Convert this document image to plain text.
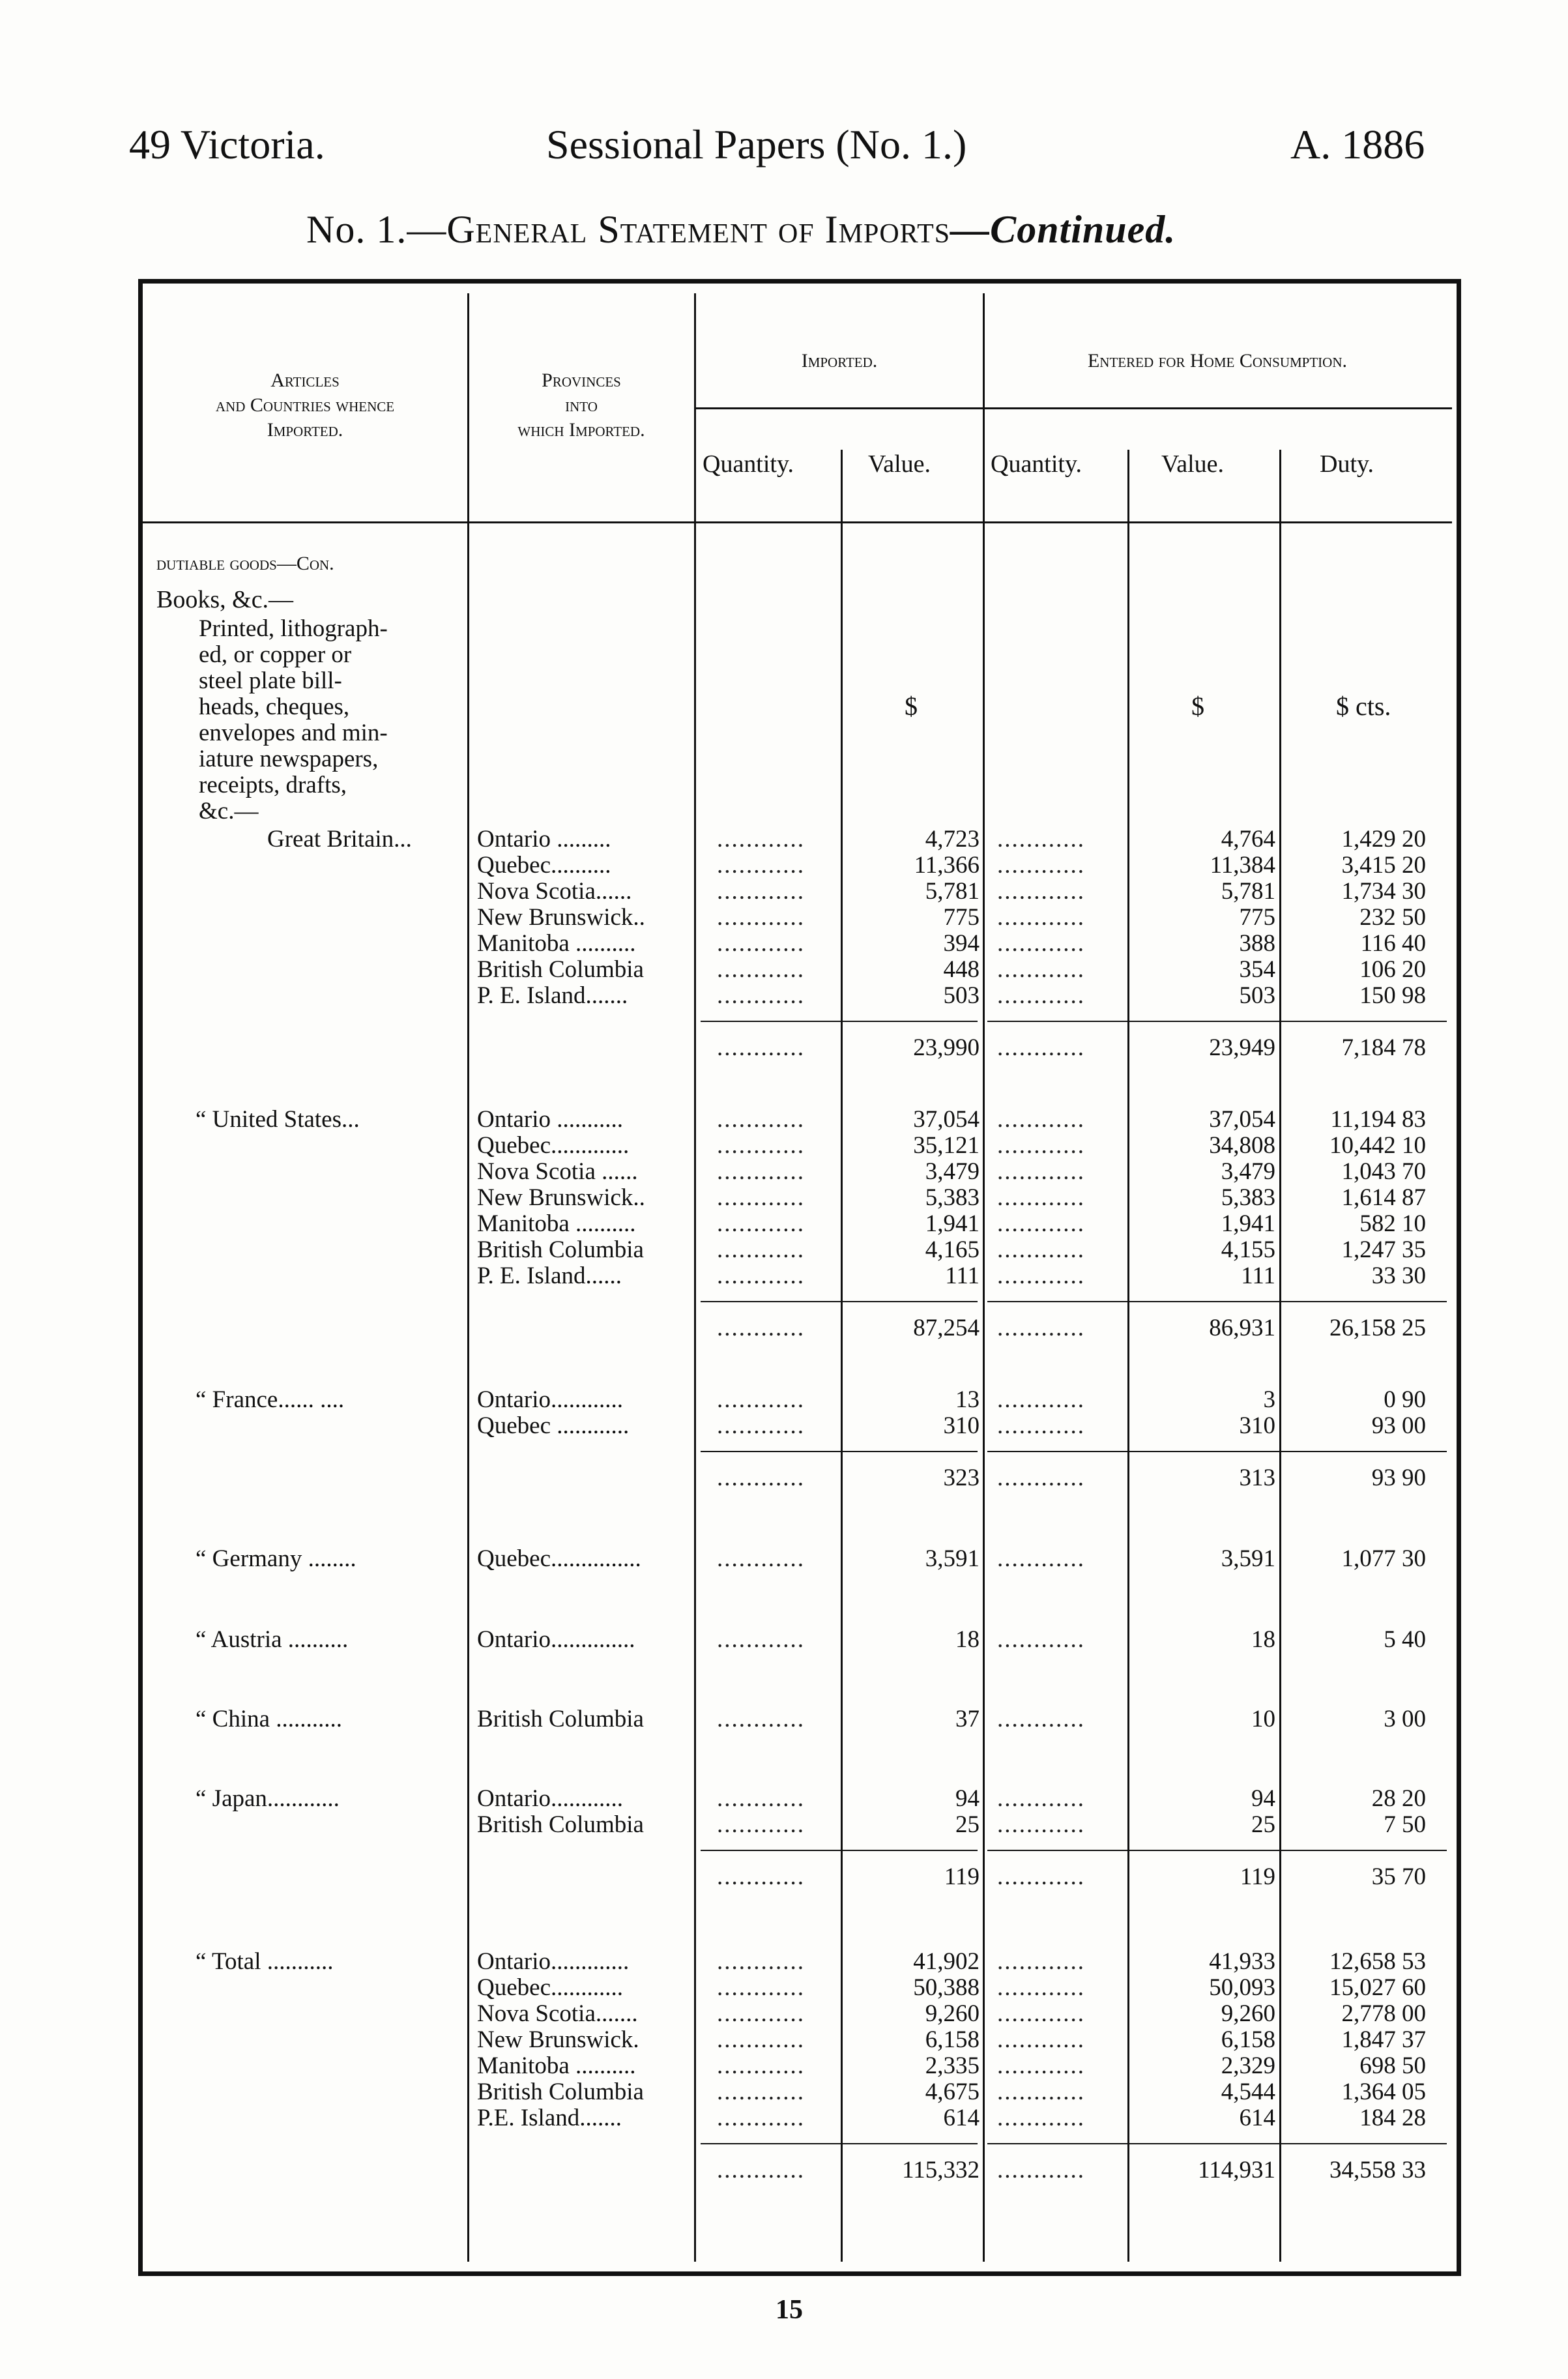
49 Victoria.	Sessional Papers (No. 1.)	A. 1886
No. 1.—General Statement of Imports—Continued.
Articles
and Countries whence
Imported.
Provinces
into
which Imported.
Imported.	Entered for Home Consumption.
Quantity.	Value. Quantity.	Value.	Duty.
dutiable goods—Con.
Books, &c.—
Printed, lithograph-
ed, or copper or
steel plate bill-
heads, cheques,
envelopes and min-
iature newspapers,
receipts, drafts,
&c.—
$	$	$ cts.
Great Britain...	Ontario .........	............	4,723 ............	4,764	1,429 20
Quebec..........	............	11,366 ............	11,384	3,415 20
Nova Scotia......	............	5,781 ............	5,781	1,734 30
New Brunswick..	............	775 ............	775	232 50
Manitoba ..........	............	394 ............	388	116 40
British Columbia	............	448 ............	354	106 20
P. E. Island.......	............	503 ............	503	150 98
............	23,990 ............	23,949	7,184 78
“ United States...	Ontario ...........	............	37,054 ............	37,054	11,194 83
Quebec.............	............	35,121 ............	34,808	10,442 10
Nova Scotia ......	............	3,479 ............	3,479	1,043 70
New Brunswick..	............	5,383 ............	5,383	1,614 87
Manitoba ..........	............	1,941 ............	1,941	582 10
British Columbia	............	4,165 ............	4,155	1,247 35
P. E. Island......	............	111 ............	111	33 30
............	87,254 ............	86,931	26,158 25
“ France...... ....	Ontario............	............	13 ............	3	0 90
Quebec ............	............	310 ............	310	93 00
............	323 ............	313	93 90
“ Germany ........	Quebec...............	............	3,591 ............	3,591	1,077 30
“ Austria ..........	Ontario..............	............	18 ............	18	5 40
“ China ...........	British Columbia	............	37 ............	10	3 00
“ Japan............	Ontario............	............	94 ............	94	28 20
British Columbia	............	25 ............	25	7 50
............	119 ............	119	35 70
“ Total ...........	Ontario.............	............	41,902 ............	41,933	12,658 53
Quebec............	............	50,388 ............	50,093	15,027 60
Nova Scotia.......	............	9,260 ............	9,260	2,778 00
New Brunswick.	............	6,158 ............	6,158	1,847 37
Manitoba ..........	............	2,335 ............	2,329	698 50
British Columbia	............	4,675 ............	4,544	1,364 05
P.E. Island.......	............	614 ............	614	184 28
............	115,332 ............	114,931	34,558 33
15
